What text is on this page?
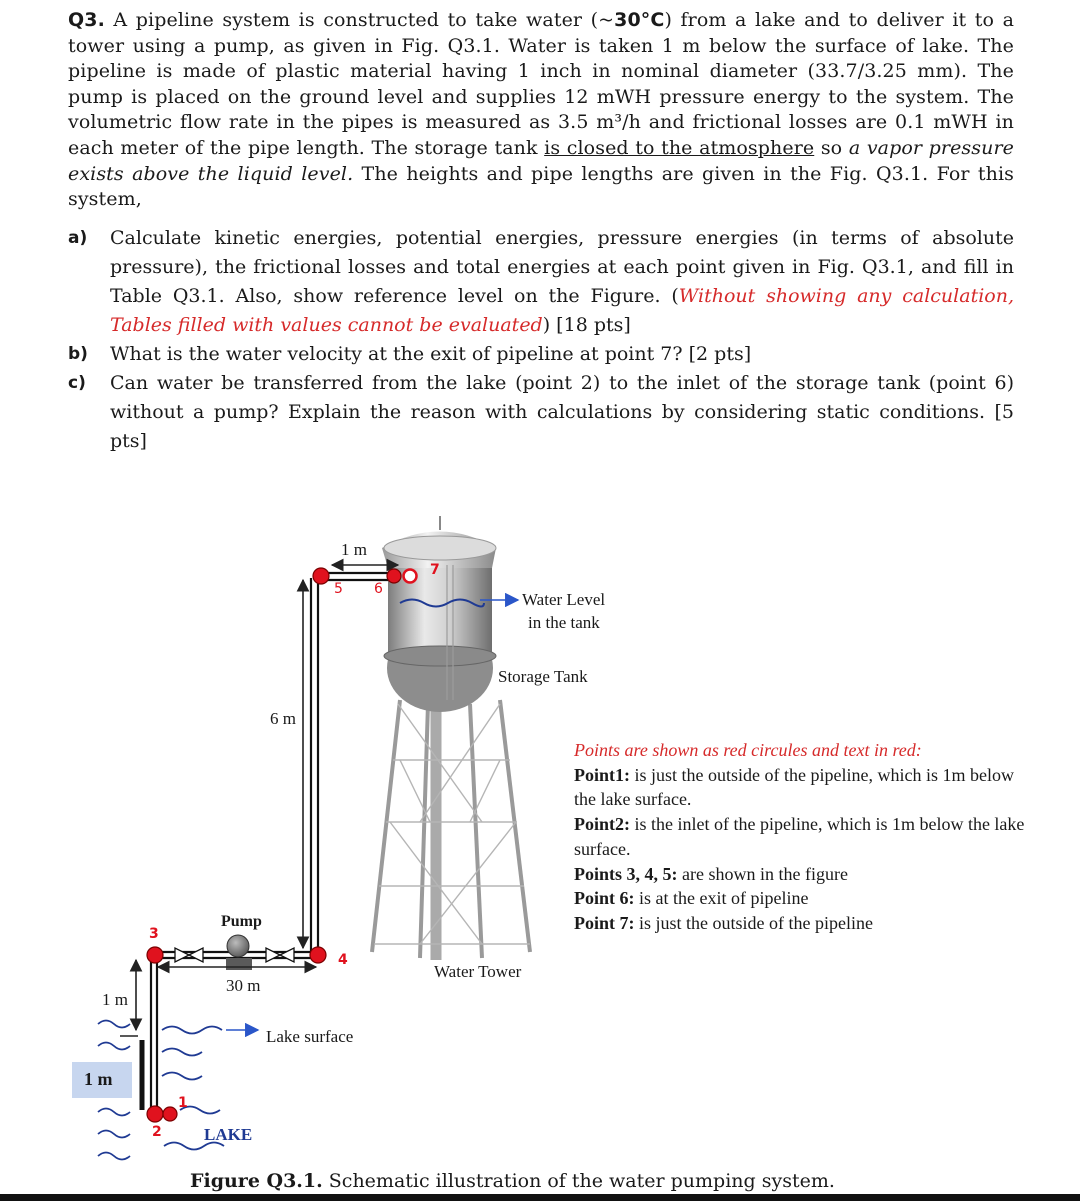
Q3. A pipeline system is constructed to take water (~30°C) from a lake and to deliver it to a tower using a pump, as given in Fig. Q3.1. Water is taken 1 m below the surface of lake. The pipeline is made of plastic material having 1 inch in nominal diameter (33.7/3.25 mm). The pump is placed on the ground level and supplies 12 mWH pressure energy to the system. The volumetric flow rate in the pipes is measured as 3.5 m³/h and frictional losses are 0.1 mWH in each meter of the pipe length. The storage tank is closed to the atmosphere so a vapor pressure exists above the liquid level. The heights and pipe lengths are given in the Fig. Q3.1. For this system,
a)	Calculate kinetic energies, potential energies, pressure energies (in terms of absolute pressure), the frictional losses and total energies at each point given in Fig. Q3.1, and fill in Table Q3.1. Also, show reference level on the Figure. (Without showing any calculation, Tables filled with values cannot be evaluated) [18 pts]
b)	What is the water velocity at the exit of pipeline at point 7? [2 pts]
c)	Can water be transferred from the lake (point 2) to the inlet of the storage tank (point 6) without a pump? Explain the reason with calculations by considering static conditions. [5 pts]
1 m
Water Level
in the tank
Storage Tank
6 m
Pump
30 m
Water Tower
1 m
1 m
Lake surface
LAKE
5 6
7
3
4
2
1
Points are shown as red circules and text in red:
Point1: is just the outside of the pipeline, which is 1m below the lake surface.
Point2: is the inlet of the pipeline, which is 1m below the lake surface.
Points 3, 4, 5: are shown in the figure
Point 6: is at the exit of pipeline
Point 7: is just the outside of the pipeline
Figure Q3.1. Schematic illustration of the water pumping system.
